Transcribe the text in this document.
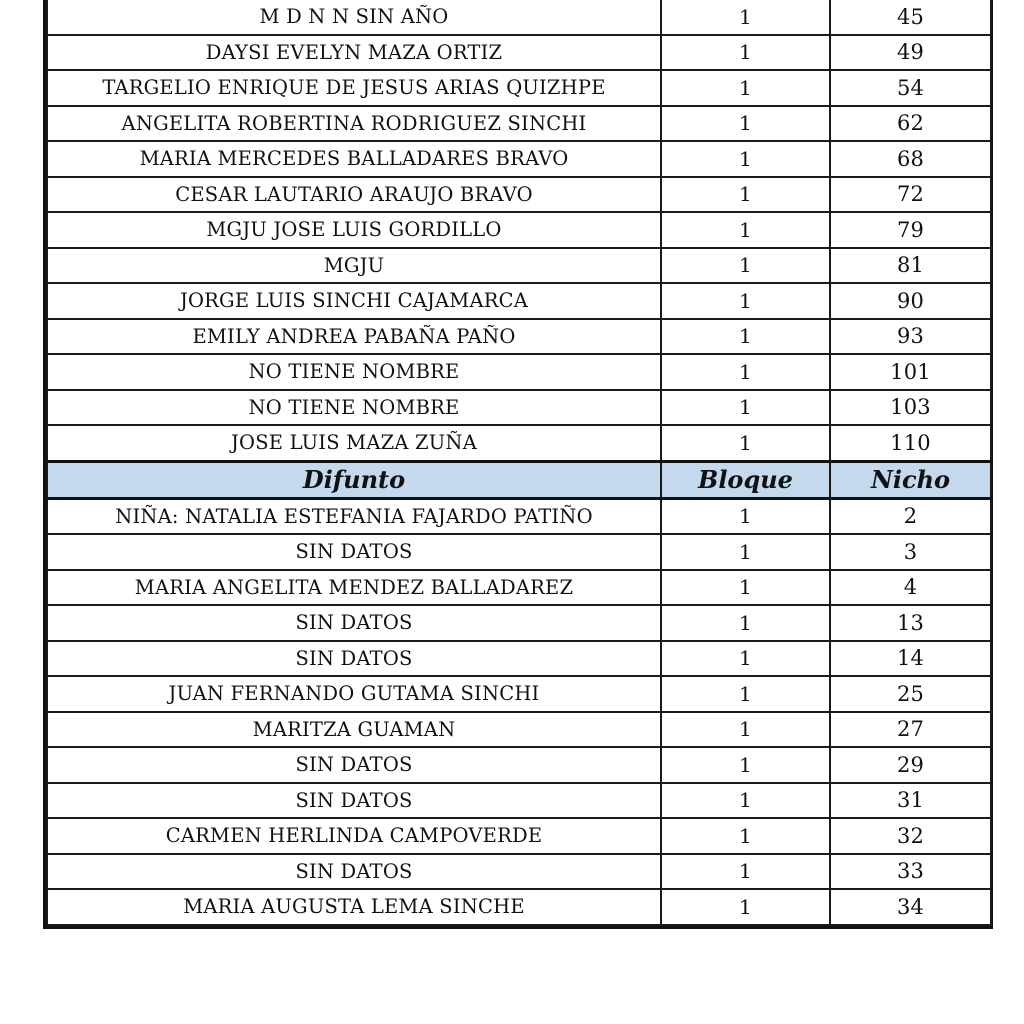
M D N N SIN AÑO	1	45
DAYSI EVELYN MAZA ORTIZ	1	49
TARGELIO ENRIQUE DE JESUS ARIAS QUIZHPE	1	54
ANGELITA ROBERTINA RODRIGUEZ SINCHI	1	62
MARIA MERCEDES BALLADARES BRAVO	1	68
CESAR LAUTARIO ARAUJO BRAVO	1	72
MGJU JOSE LUIS GORDILLO	1	79
MGJU	1	81
JORGE LUIS SINCHI CAJAMARCA	1	90
EMILY ANDREA PABAÑA PAÑO	1	93
NO TIENE NOMBRE	1	101
NO TIENE NOMBRE	1	103
JOSE LUIS MAZA ZUÑA	1	110
Difunto	Bloque	Nicho
NIÑA: NATALIA ESTEFANIA FAJARDO PATIÑO	1	2
SIN DATOS	1	3
MARIA ANGELITA MENDEZ BALLADAREZ	1	4
SIN DATOS	1	13
SIN DATOS	1	14
JUAN FERNANDO GUTAMA SINCHI	1	25
MARITZA GUAMAN	1	27
SIN DATOS	1	29
SIN DATOS	1	31
CARMEN HERLINDA CAMPOVERDE	1	32
SIN DATOS	1	33
MARIA AUGUSTA LEMA SINCHE	1	34
